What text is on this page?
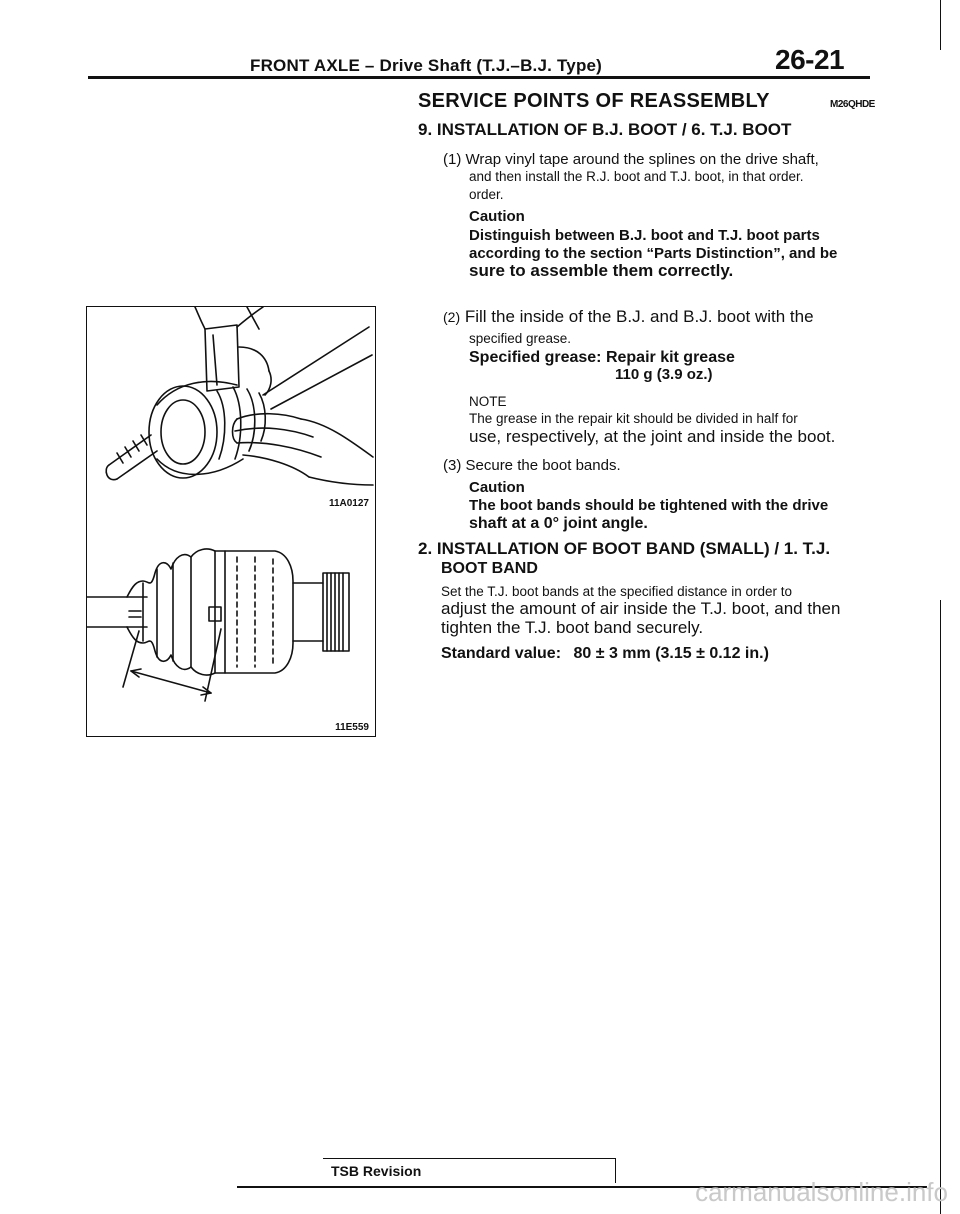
FRONT AXLE – Drive Shaft (T.J.–B.J. Type)	26-21
SERVICE POINTS OF REASSEMBLY	M26QHDE
9. INSTALLATION OF B.J. BOOT / 6. T.J. BOOT
(1) Wrap vinyl tape around the splines on the drive shaft,
and then install the R.J. boot and T.J. boot, in that order.
order.
Caution
Distinguish between B.J. boot and T.J. boot parts
according to the section “Parts Distinction”, and be
sure to assemble them correctly.
(2) Fill the inside of the B.J. and B.J. boot with the
specified grease.
Specified grease: Repair kit grease
110 g (3.9 oz.)
NOTE
The grease in the repair kit should be divided in half for
use, respectively, at the joint and inside the boot.
(3) Secure the boot bands.
Caution
The boot bands should be tightened with the drive
shaft at a 0° joint angle.
2. INSTALLATION OF BOOT BAND (SMALL) / 1. T.J.
BOOT BAND
Set the T.J. boot bands at the specified distance in order to
adjust the amount of air inside the T.J. boot, and then
tighten the T.J. boot band securely.
Standard value: 80 ± 3 mm (3.15 ± 0.12 in.)
11A0127
11E559
TSB Revision
carmanualsonline.info
